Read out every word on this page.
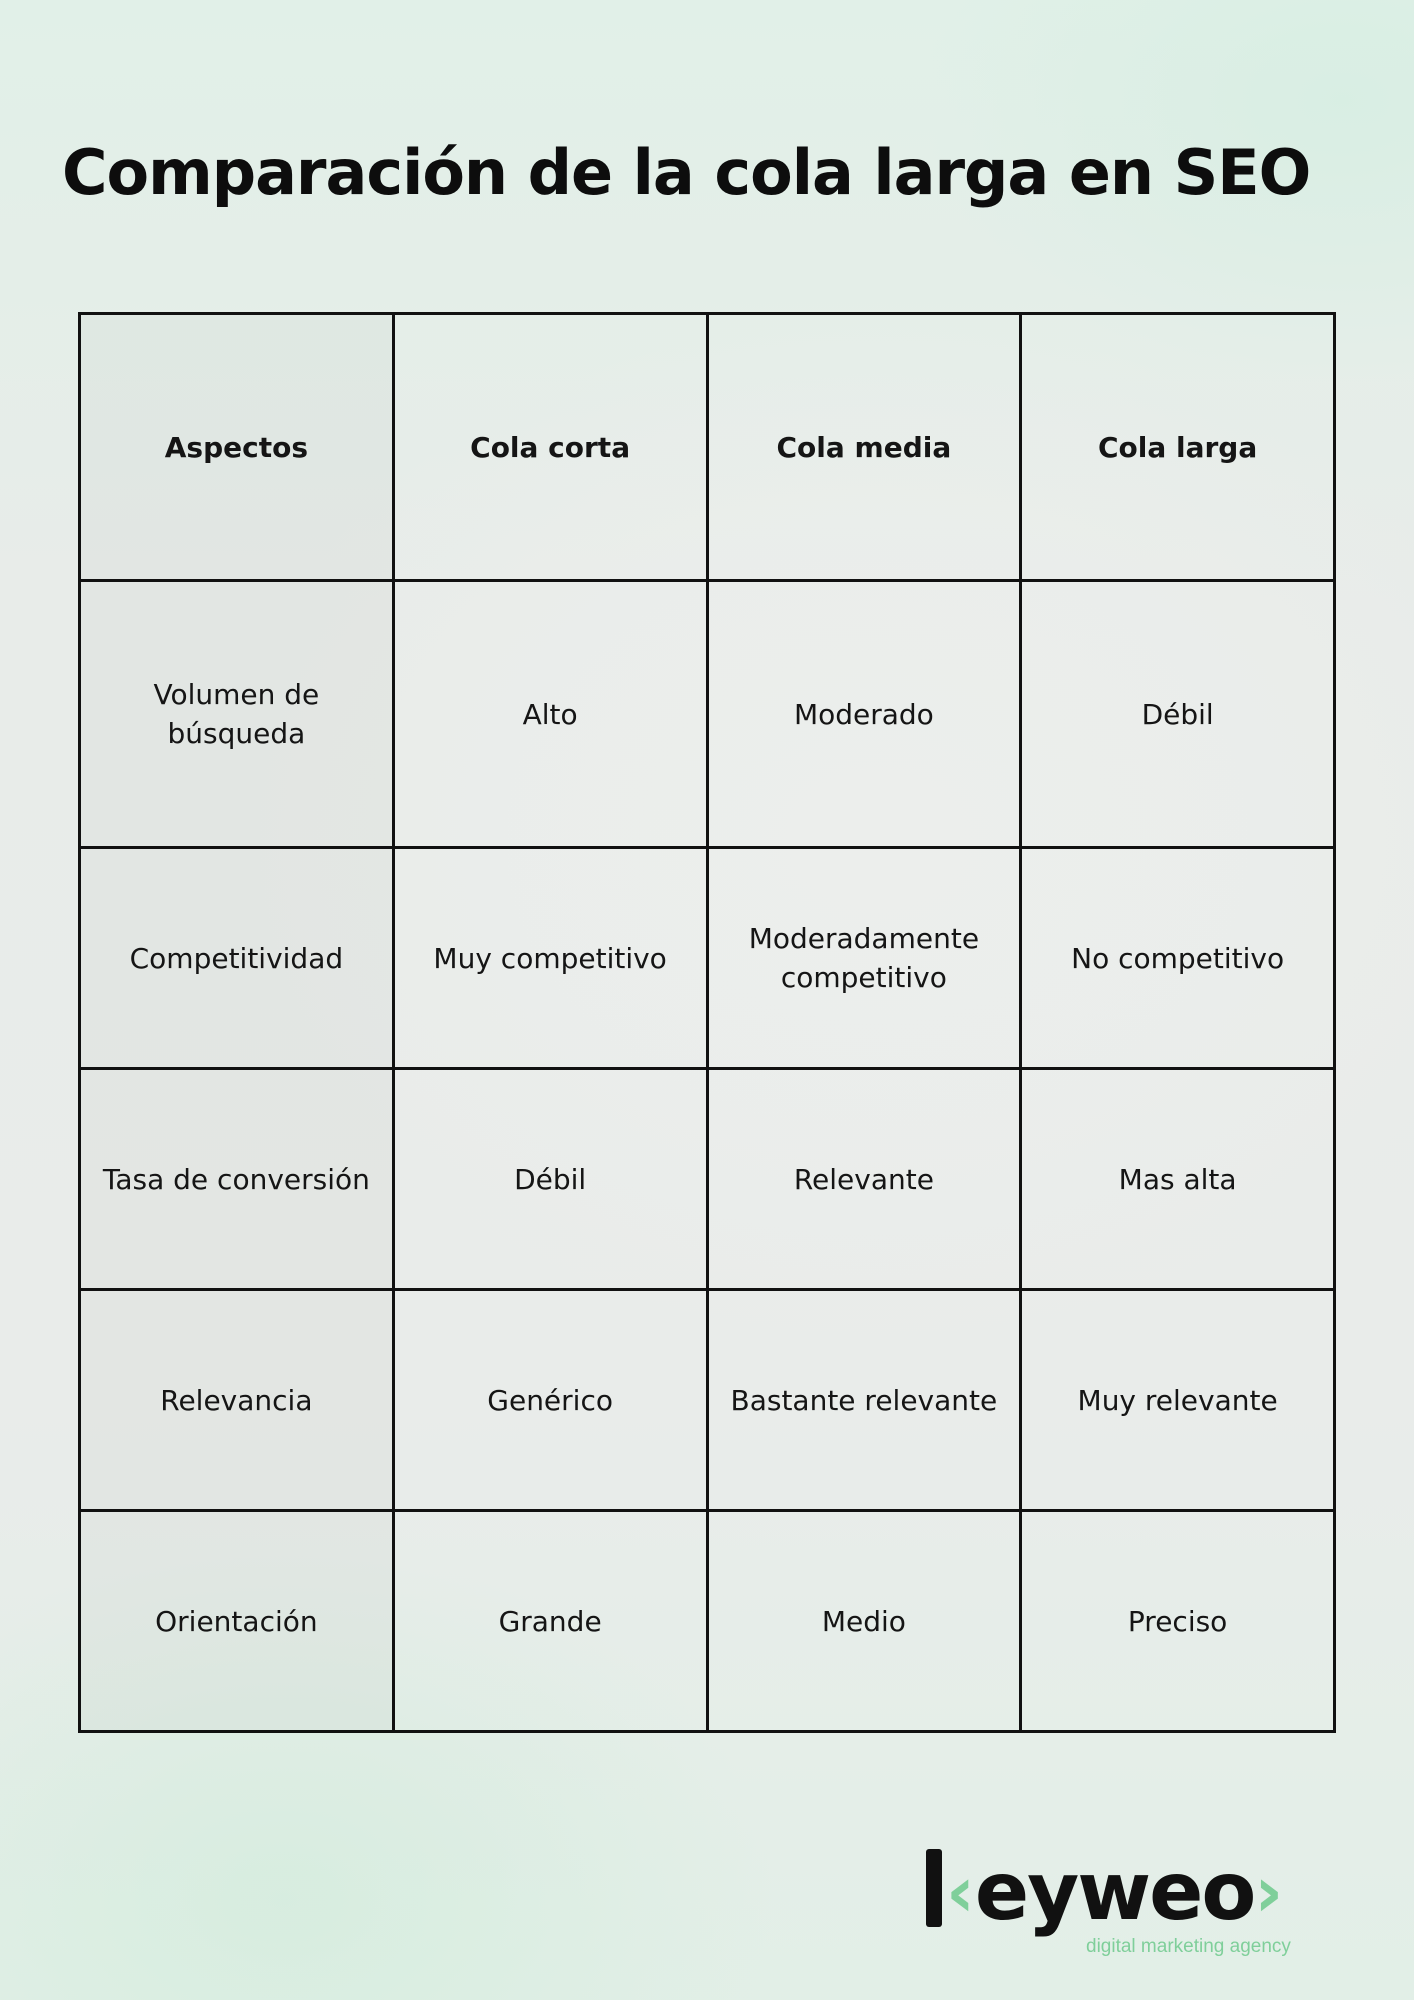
Comparación de la cola larga en SEO
Aspectos	Cola corta	Cola media	Cola larga
Volumen de búsqueda	Alto	Moderado	Débil
Competitividad	Muy competitivo	Moderadamente competitivo	No competitivo
Tasa de conversión	Débil	Relevante	Mas alta
Relevancia	Genérico	Bastante relevante	Muy relevante
Orientación	Grande	Medio	Preciso
‹ eyweo ›
digital marketing agency
